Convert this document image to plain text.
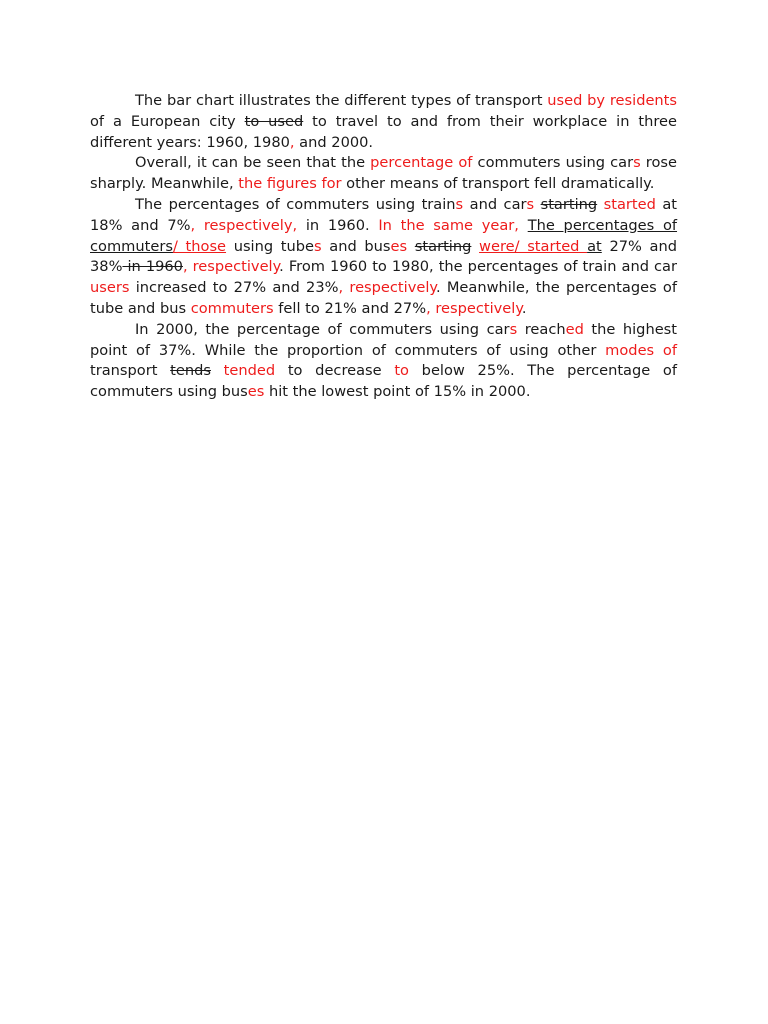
The bar chart illustrates the different types of transport used by residents of a European city to used to travel to and from their workplace in three different years: 1960, 1980, and 2000.

Overall, it can be seen that the percentage of commuters using cars rose sharply. Meanwhile, the figures for other means of transport fell dramatically.

The percentages of commuters using trains and cars starting started at 18% and 7%, respectively, in 1960. In the same year, The percentages of commuters/ those using tubes and buses starting were/ started at 27% and 38% in 1960, respectively. From 1960 to 1980, the percentages of train and car users increased to 27% and 23%, respectively. Meanwhile, the percentages of tube and bus commuters fell to 21% and 27%, respectively.

In 2000, the percentage of commuters using cars reached the highest point of 37%. While the proportion of commuters of using other modes of transport tends tended to decrease to below 25%. The percentage of commuters using buses hit the lowest point of 15% in 2000.
